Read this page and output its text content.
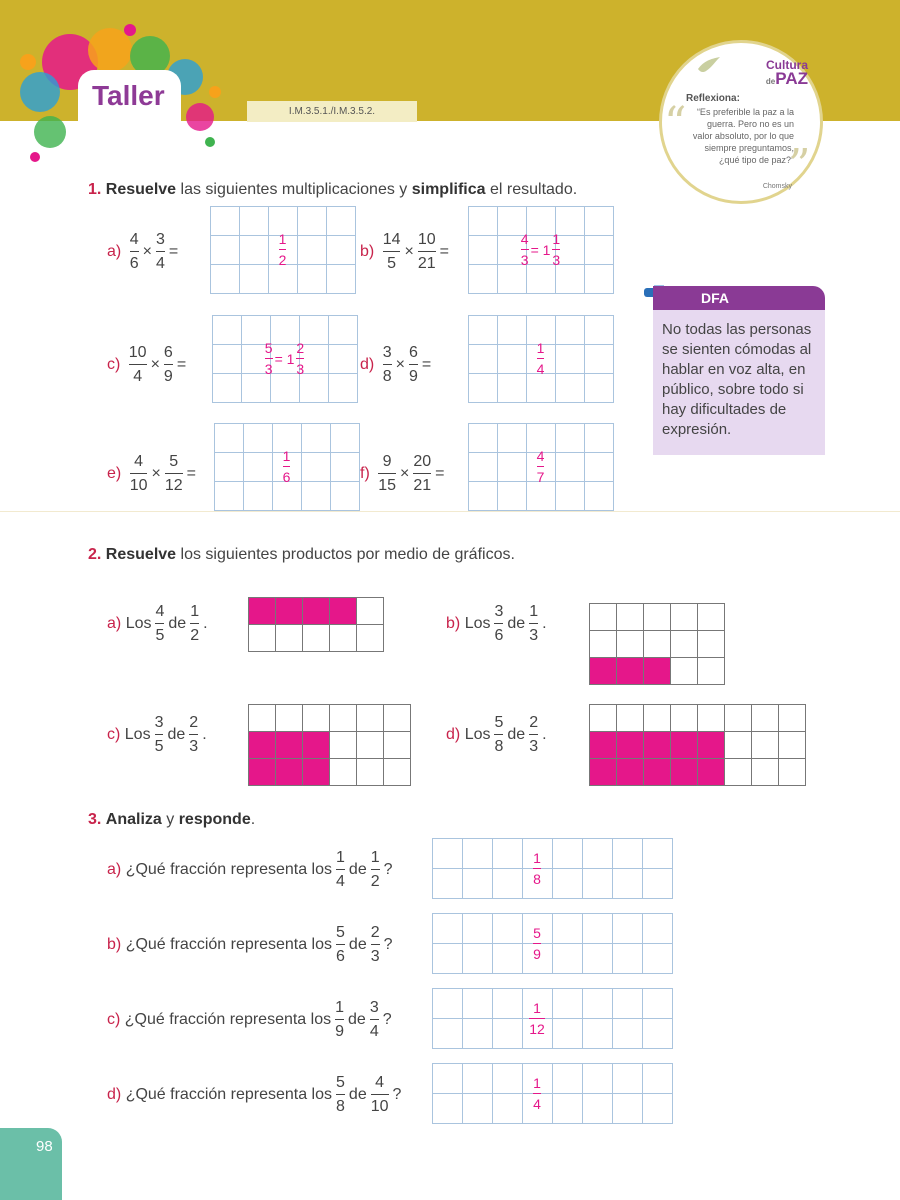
Taller
I.M.3.5.1./I.M.3.5.2.
Cultura
dePAZ
Reflexiona:
“	“Es preferible la paz a la guerra. Pero no es un valor absoluto, por lo que siempre preguntamos, ¿qué tipo de paz?”
”
Chomsky
DFA
No todas las personas se sienten cómodas al hablar en voz alta, en público, sobre todo si hay dificultades de expresión.
1. Resuelve las siguientes multiplicaciones y simplifica el resultado.
a)
$\frac{4}{6} \times \frac{3}{4}$ =

					$\frac{1}{2}$	b)
$\frac{14}{5} \times \frac{10}{21}$ =

					$\frac{4}{3} = 1 \frac{1}{3}$
c)
$\frac{10}{4} \times \frac{6}{9}$ =

					$\frac{5}{3} = 1 \frac{2}{3}$	d)
$\frac{3}{8} \times \frac{6}{9}$ =

					$\frac{1}{4}$
e)
$\frac{4}{10} \times \frac{5}{12}$ =

					$\frac{1}{6}$	f)
$\frac{9}{15} \times \frac{20}{21}$ =

					$\frac{4}{7}$
2. Resuelve los siguientes productos por medio de gráficos.
a)
Los $\frac{4}{5}$ de $\frac{1}{2}$ .

					b)
Los $\frac{3}{6}$ de $\frac{1}{3}$ .

c)
Los $\frac{3}{5}$ de $\frac{2}{3}$ .

						d)
Los $\frac{5}{8}$ de $\frac{2}{3}$ .

3. Analiza y responde.
a)
¿Qué fracción representa los $\frac{1}{4}$ de $\frac{1}{2}$ ?

								$\frac{1}{8}$
b)
¿Qué fracción representa los $\frac{5}{6}$ de $\frac{2}{3}$ ?

								$\frac{5}{9}$
c)
¿Qué fracción representa los $\frac{1}{9}$ de $\frac{3}{4}$ ?

								$\frac{1}{12}$
d)
¿Qué fracción representa los $\frac{5}{8}$ de $\frac{4}{10}$ ?

								$\frac{1}{4}$
98
